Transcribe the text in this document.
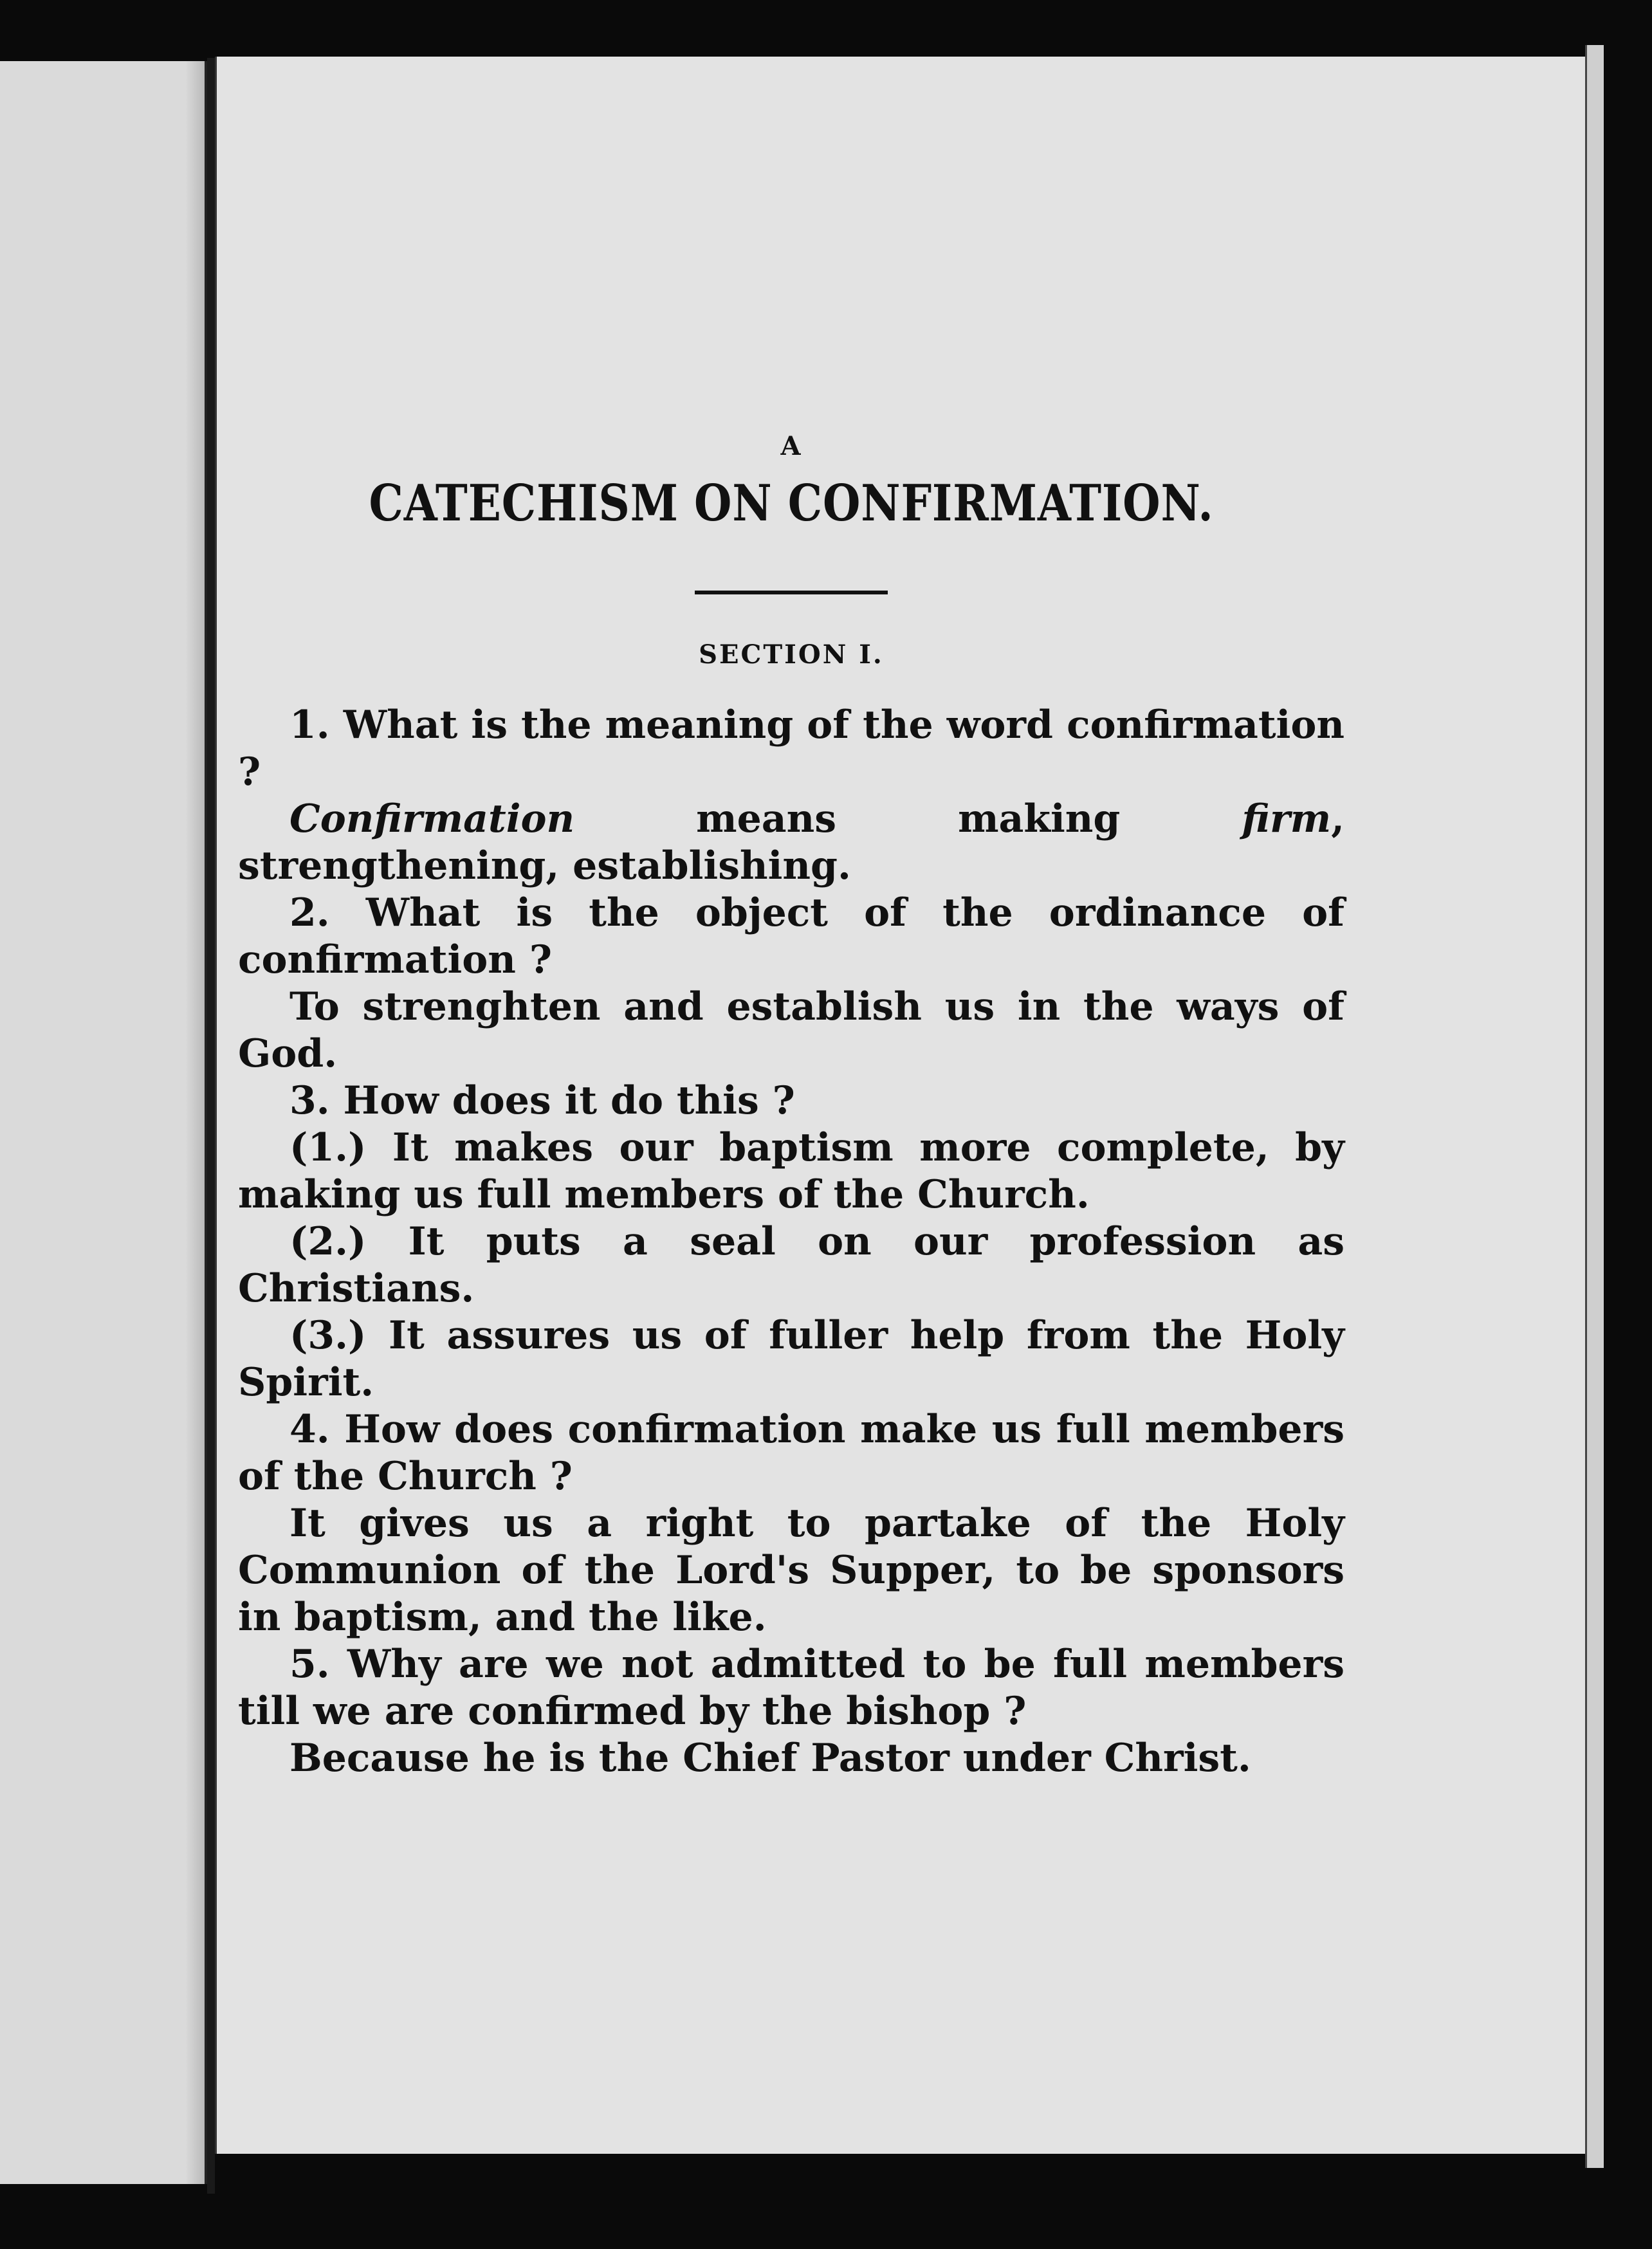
A
CATECHISM ON CONFIRMATION.
SECTION I.

1. What is the meaning of the word confirmation ?

Confirmation means making firm, strengthening, establishing.

2. What is the object of the ordinance of confirmation ?

To strenghten and establish us in the ways of God.

3. How does it do this ?

(1.) It makes our baptism more complete, by making us full members of the Church.

(2.) It puts a seal on our profession as Christians.

(3.) It assures us of fuller help from the Holy Spirit.

4. How does confirmation make us full members of the Church ?

It gives us a right to partake of the Holy Communion of the Lord's Supper, to be sponsors in baptism, and the like.

5. Why are we not admitted to be full members till we are confirmed by the bishop ?

Because he is the Chief Pastor under Christ.
